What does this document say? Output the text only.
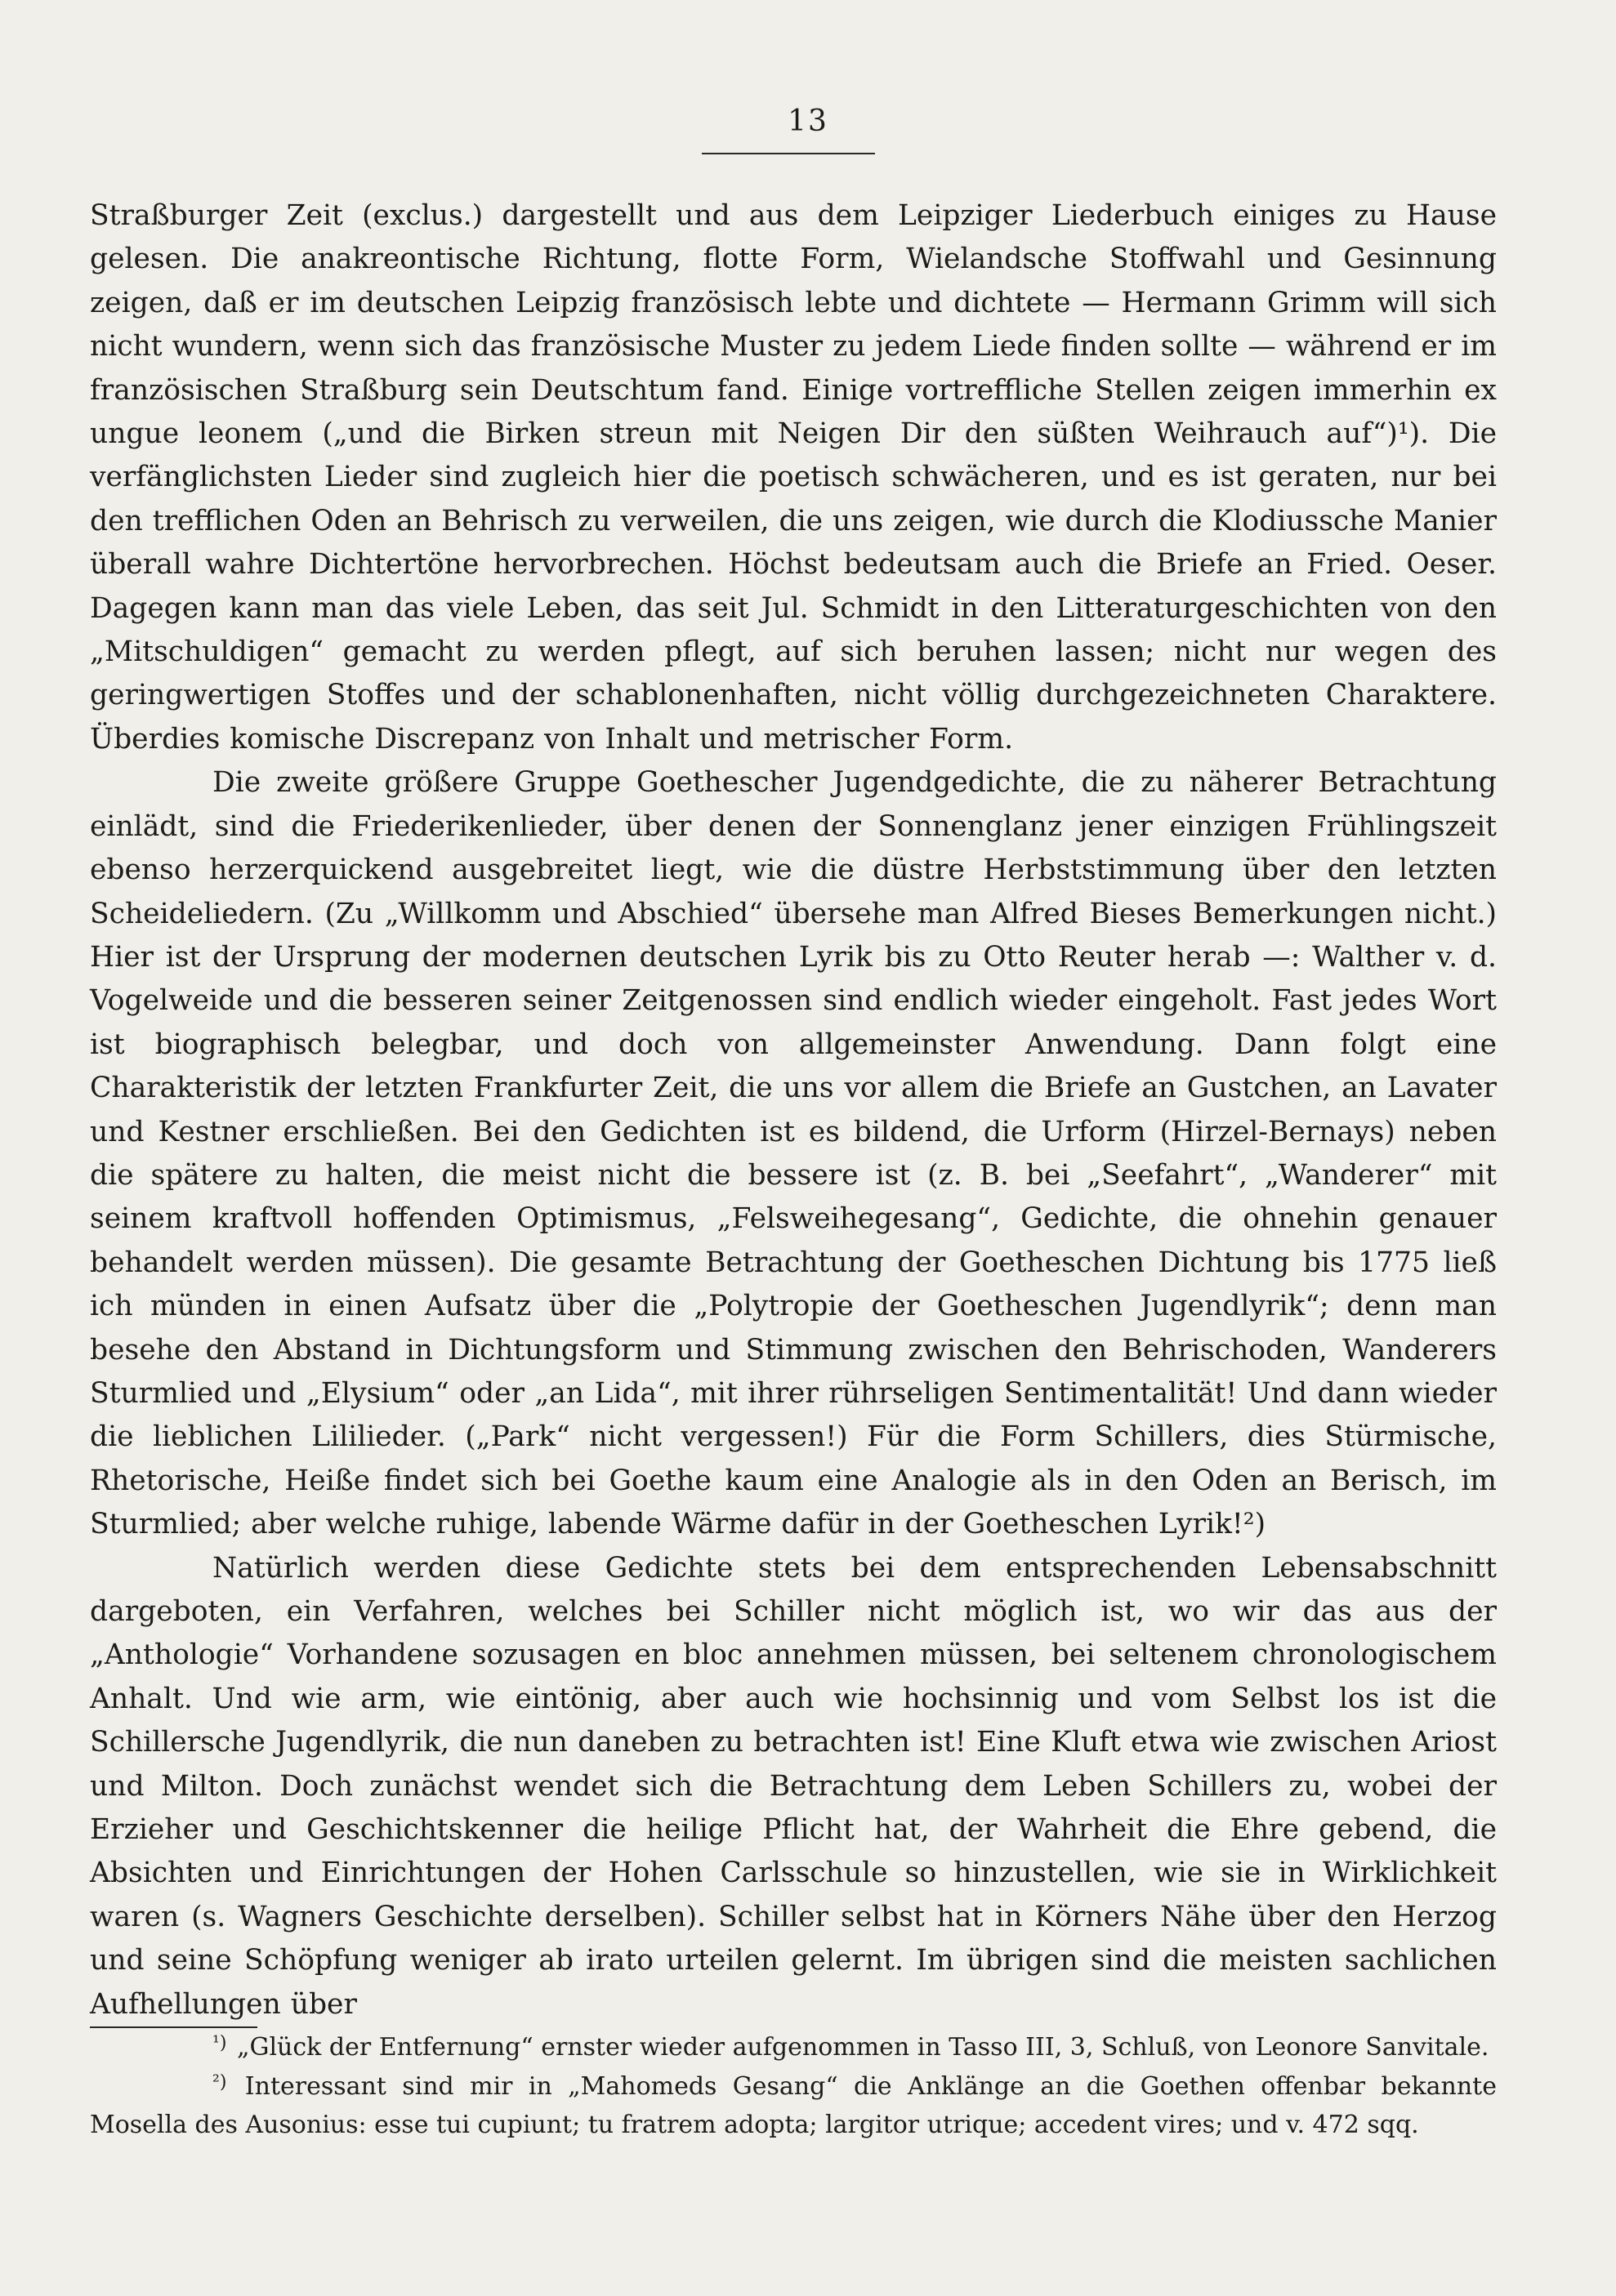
13

Straßburger Zeit (exclus.) dargestellt und aus dem Leipziger Liederbuch einiges zu Hause gelesen. Die anakreontische Richtung, flotte Form, Wielandsche Stoffwahl und Gesinnung zeigen, daß er im deutschen Leipzig französisch lebte und dichtete — Hermann Grimm will sich nicht wundern, wenn sich das französische Muster zu jedem Liede finden sollte — während er im französischen Straßburg sein Deutschtum fand. Einige vortreffliche Stellen zeigen immerhin ex ungue leonem („und die Birken streun mit Neigen Dir den süßten Weihrauch auf“)¹). Die verfänglichsten Lieder sind zugleich hier die poetisch schwächeren, und es ist geraten, nur bei den trefflichen Oden an Behrisch zu verweilen, die uns zeigen, wie durch die Klodiussche Manier überall wahre Dichtertöne hervorbrechen. Höchst bedeutsam auch die Briefe an Fried. Oeser. Dagegen kann man das viele Leben, das seit Jul. Schmidt in den Litteraturgeschichten von den „Mitschuldigen“ gemacht zu werden pflegt, auf sich beruhen lassen; nicht nur wegen des geringwertigen Stoffes und der schablonenhaften, nicht völlig durchgezeichneten Charaktere. Überdies komische Discrepanz von Inhalt und metrischer Form.

Die zweite größere Gruppe Goethescher Jugendgedichte, die zu näherer Betrachtung einlädt, sind die Friederikenlieder, über denen der Sonnenglanz jener einzigen Frühlingszeit ebenso herzerquickend ausgebreitet liegt, wie die düstre Herbststimmung über den letzten Scheideliedern. (Zu „Willkomm und Abschied“ übersehe man Alfred Bieses Bemerkungen nicht.) Hier ist der Ursprung der modernen deutschen Lyrik bis zu Otto Reuter herab —: Walther v. d. Vogelweide und die besseren seiner Zeitgenossen sind endlich wieder eingeholt. Fast jedes Wort ist biographisch belegbar, und doch von allgemeinster Anwendung. Dann folgt eine Charakteristik der letzten Frankfurter Zeit, die uns vor allem die Briefe an Gustchen, an Lavater und Kestner erschließen. Bei den Gedichten ist es bildend, die Urform (Hirzel-Bernays) neben die spätere zu halten, die meist nicht die bessere ist (z. B. bei „Seefahrt“, „Wanderer“ mit seinem kraftvoll hoffenden Optimismus, „Felsweihegesang“, Gedichte, die ohnehin genauer behandelt werden müssen). Die gesamte Betrachtung der Goetheschen Dichtung bis 1775 ließ ich münden in einen Aufsatz über die „Polytropie der Goetheschen Jugendlyrik“; denn man besehe den Abstand in Dichtungsform und Stimmung zwischen den Behrischoden, Wanderers Sturmlied und „Elysium“ oder „an Lida“, mit ihrer rührseligen Sentimentalität! Und dann wieder die lieblichen Lililieder. („Park“ nicht vergessen!) Für die Form Schillers, dies Stürmische, Rhetorische, Heiße findet sich bei Goethe kaum eine Analogie als in den Oden an Berisch, im Sturmlied; aber welche ruhige, labende Wärme dafür in der Goetheschen Lyrik!²)

Natürlich werden diese Gedichte stets bei dem entsprechenden Lebensabschnitt dargeboten, ein Verfahren, welches bei Schiller nicht möglich ist, wo wir das aus der „Anthologie“ Vorhandene sozusagen en bloc annehmen müssen, bei seltenem chronologischem Anhalt. Und wie arm, wie eintönig, aber auch wie hochsinnig und vom Selbst los ist die Schillersche Jugendlyrik, die nun daneben zu betrachten ist! Eine Kluft etwa wie zwischen Ariost und Milton. Doch zunächst wendet sich die Betrachtung dem Leben Schillers zu, wobei der Erzieher und Geschichtskenner die heilige Pflicht hat, der Wahrheit die Ehre gebend, die Absichten und Einrichtungen der Hohen Carlsschule so hinzustellen, wie sie in Wirklichkeit waren (s. Wagners Geschichte derselben). Schiller selbst hat in Körners Nähe über den Herzog und seine Schöpfung weniger ab irato urteilen gelernt. Im übrigen sind die meisten sachlichen Aufhellungen über

$^{^1)}$ „Glück der Entfernung“ ernster wieder aufgenommen in Tasso III, 3, Schluß, von Leonore Sanvitale.

$^{^2)}$ Interessant sind mir in „Mahomeds Gesang“ die Anklänge an die Goethen offenbar bekannte Mosella des Ausonius: esse tui cupiunt; tu fratrem adopta; largitor utrique; accedent vires; und v. 472 sqq.
